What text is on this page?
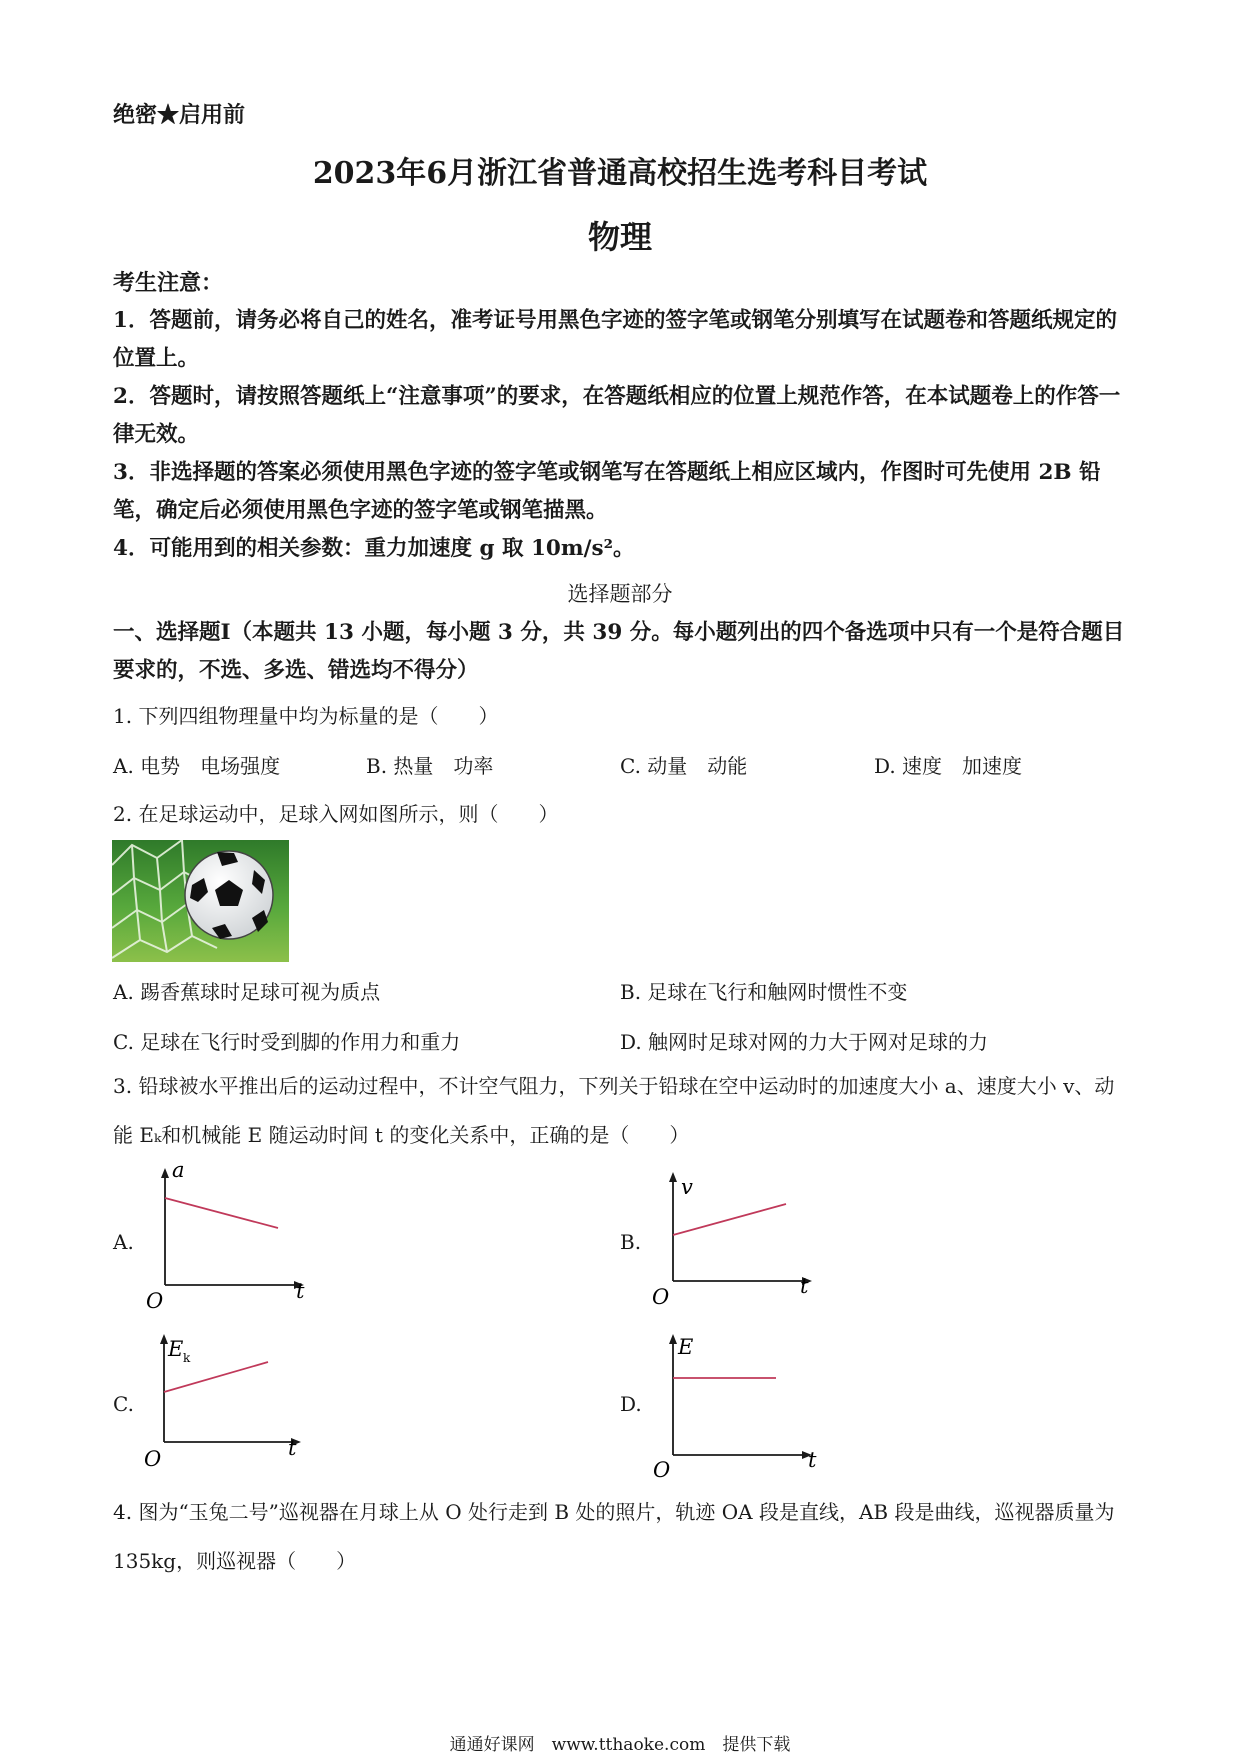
绝密★启用前
2023年6月浙江省普通高校招生选考科目考试
物理
考生注意：
1．答题前，请务必将自己的姓名，准考证号用黑色字迹的签字笔或钢笔分别填写在试题卷和答题纸规定的位置上。
2．答题时，请按照答题纸上“注意事项”的要求，在答题纸相应的位置上规范作答，在本试题卷上的作答一律无效。
3．非选择题的答案必须使用黑色字迹的签字笔或钢笔写在答题纸上相应区域内，作图时可先使用 2B 铅笔，确定后必须使用黑色字迹的签字笔或钢笔描黑。
4．可能用到的相关参数：重力加速度 g 取 10m/s²。
选择题部分
一、选择题Ⅰ（本题共 13 小题，每小题 3 分，共 39 分。每小题列出的四个备选项中只有一个是符合题目要求的，不选、多选、错选均不得分）
1. 下列四组物理量中均为标量的是（　　）
A. 电势　电场强度	B. 热量　功率	C. 动量　动能	D. 速度　加速度
2. 在足球运动中，足球入网如图所示，则（　　）
A. 踢香蕉球时足球可视为质点	B. 足球在飞行和触网时惯性不变
C. 足球在飞行时受到脚的作用力和重力	D. 触网时足球对网的力大于网对足球的力
3. 铅球被水平推出后的运动过程中，不计空气阻力，下列关于铅球在空中运动时的加速度大小 a、速度大小 v、动能 Eₖ和机械能 E 随运动时间 t 的变化关系中，正确的是（　　）
A.
a
t
O
B.
v
t
O
C.
E k
t
O
D.
E
t
O
4. 图为“玉兔二号”巡视器在月球上从 O 处行走到 B 处的照片，轨迹 OA 段是直线，AB 段是曲线，巡视器质量为 135kg，则巡视器（　　）
通通好课网　www.tthaoke.com　提供下载
